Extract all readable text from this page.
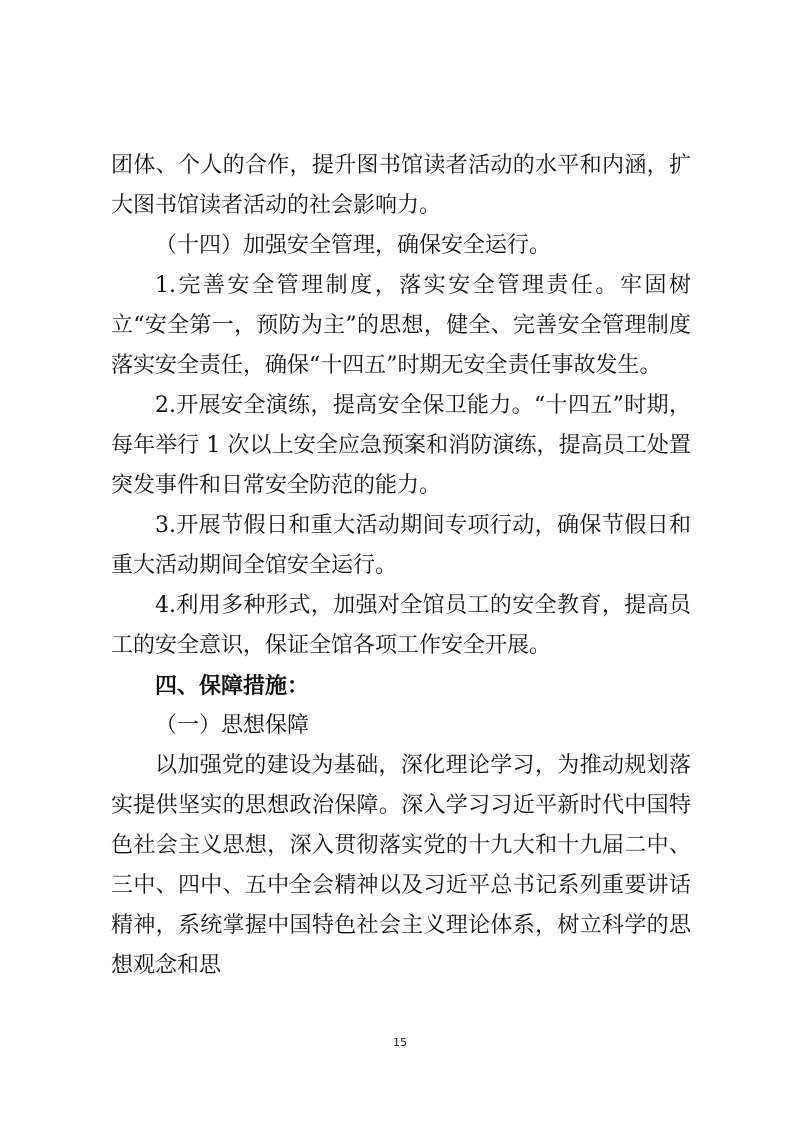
团体、个人的合作，提升图书馆读者活动的水平和内涵，扩大图书馆读者活动的社会影响力。

（十四）加强安全管理，确保安全运行。

1.完善安全管理制度，落实安全管理责任。牢固树立“安全第一，预防为主”的思想，健全、完善安全管理制度落实安全责任，确保“十四五”时期无安全责任事故发生。

2.开展安全演练，提高安全保卫能力。“十四五”时期，每年举行 1 次以上安全应急预案和消防演练，提高员工处置突发事件和日常安全防范的能力。

3.开展节假日和重大活动期间专项行动，确保节假日和重大活动期间全馆安全运行。

4.利用多种形式，加强对全馆员工的安全教育，提高员工的安全意识，保证全馆各项工作安全开展。

四、保障措施：

（一）思想保障

以加强党的建设为基础，深化理论学习，为推动规划落实提供坚实的思想政治保障。深入学习习近平新时代中国特色社会主义思想，深入贯彻落实党的十九大和十九届二中、三中、四中、五中全会精神以及习近平总书记系列重要讲话精神，系统掌握中国特色社会主义理论体系，树立科学的思想观念和思

15
